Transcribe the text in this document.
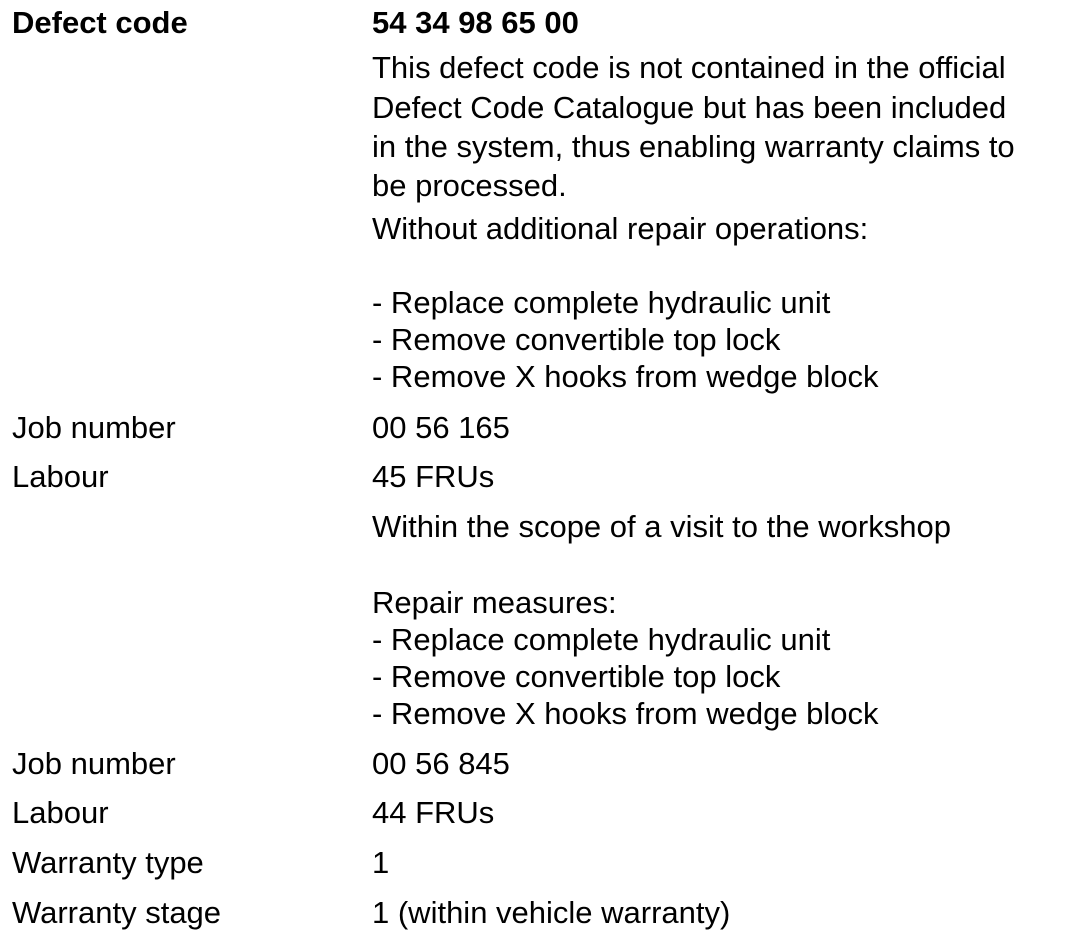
Defect code	54 34 98 65 00
This defect code is not contained in the official
Defect Code Catalogue but has been included
in the system, thus enabling warranty claims to
be processed.
Without additional repair operations:
- Replace complete hydraulic unit
- Remove convertible top lock
- Remove X hooks from wedge block
Job number	00 56 165
Labour	45 FRUs
Within the scope of a visit to the workshop
Repair measures:
- Replace complete hydraulic unit
- Remove convertible top lock
- Remove X hooks from wedge block
Job number	00 56 845
Labour	44 FRUs
Warranty type	1
Warranty stage	1 (within vehicle warranty)
